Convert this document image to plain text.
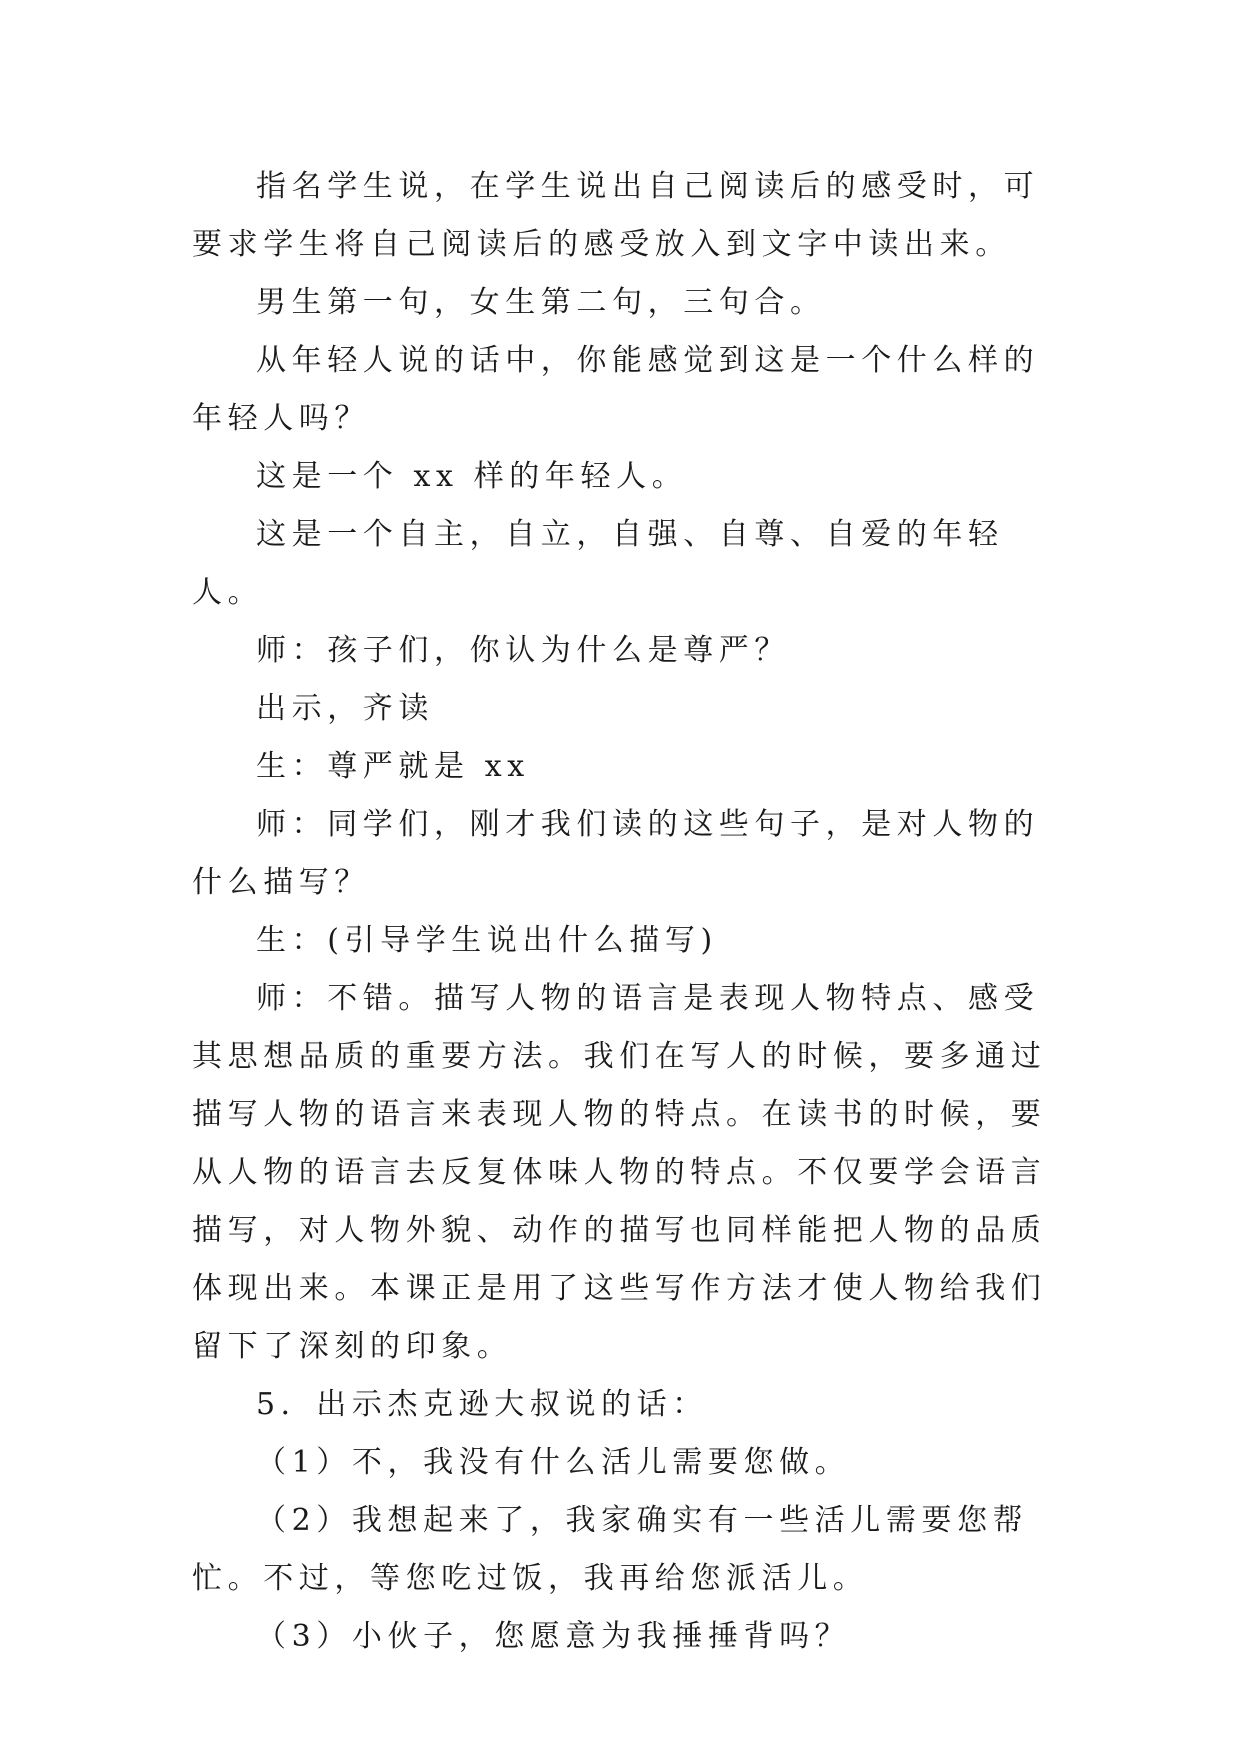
指名学生说，在学生说出自己阅读后的感受时，可要求学生将自己阅读后的感受放入到文字中读出来。

男生第一句，女生第二句，三句合。

从年轻人说的话中，你能感觉到这是一个什么样的年轻人吗？

这是一个 xx 样的年轻人。

这是一个自主，自立，自强、自尊、自爱的年轻人。

师：孩子们，你认为什么是尊严？

出示，齐读

生：尊严就是 xx

师：同学们，刚才我们读的这些句子，是对人物的什么描写？

生：(引导学生说出什么描写)

师：不错。描写人物的语言是表现人物特点、感受其思想品质的重要方法。我们在写人的时候，要多通过描写人物的语言来表现人物的特点。在读书的时候，要从人物的语言去反复体味人物的特点。不仅要学会语言描写，对人物外貌、动作的描写也同样能把人物的品质体现出来。本课正是用了这些写作方法才使人物给我们留下了深刻的印象。

5．出示杰克逊大叔说的话：

（1）不，我没有什么活儿需要您做。

（2）我想起来了，我家确实有一些活儿需要您帮忙。不过，等您吃过饭，我再给您派活儿。

（3）小伙子，您愿意为我捶捶背吗？
